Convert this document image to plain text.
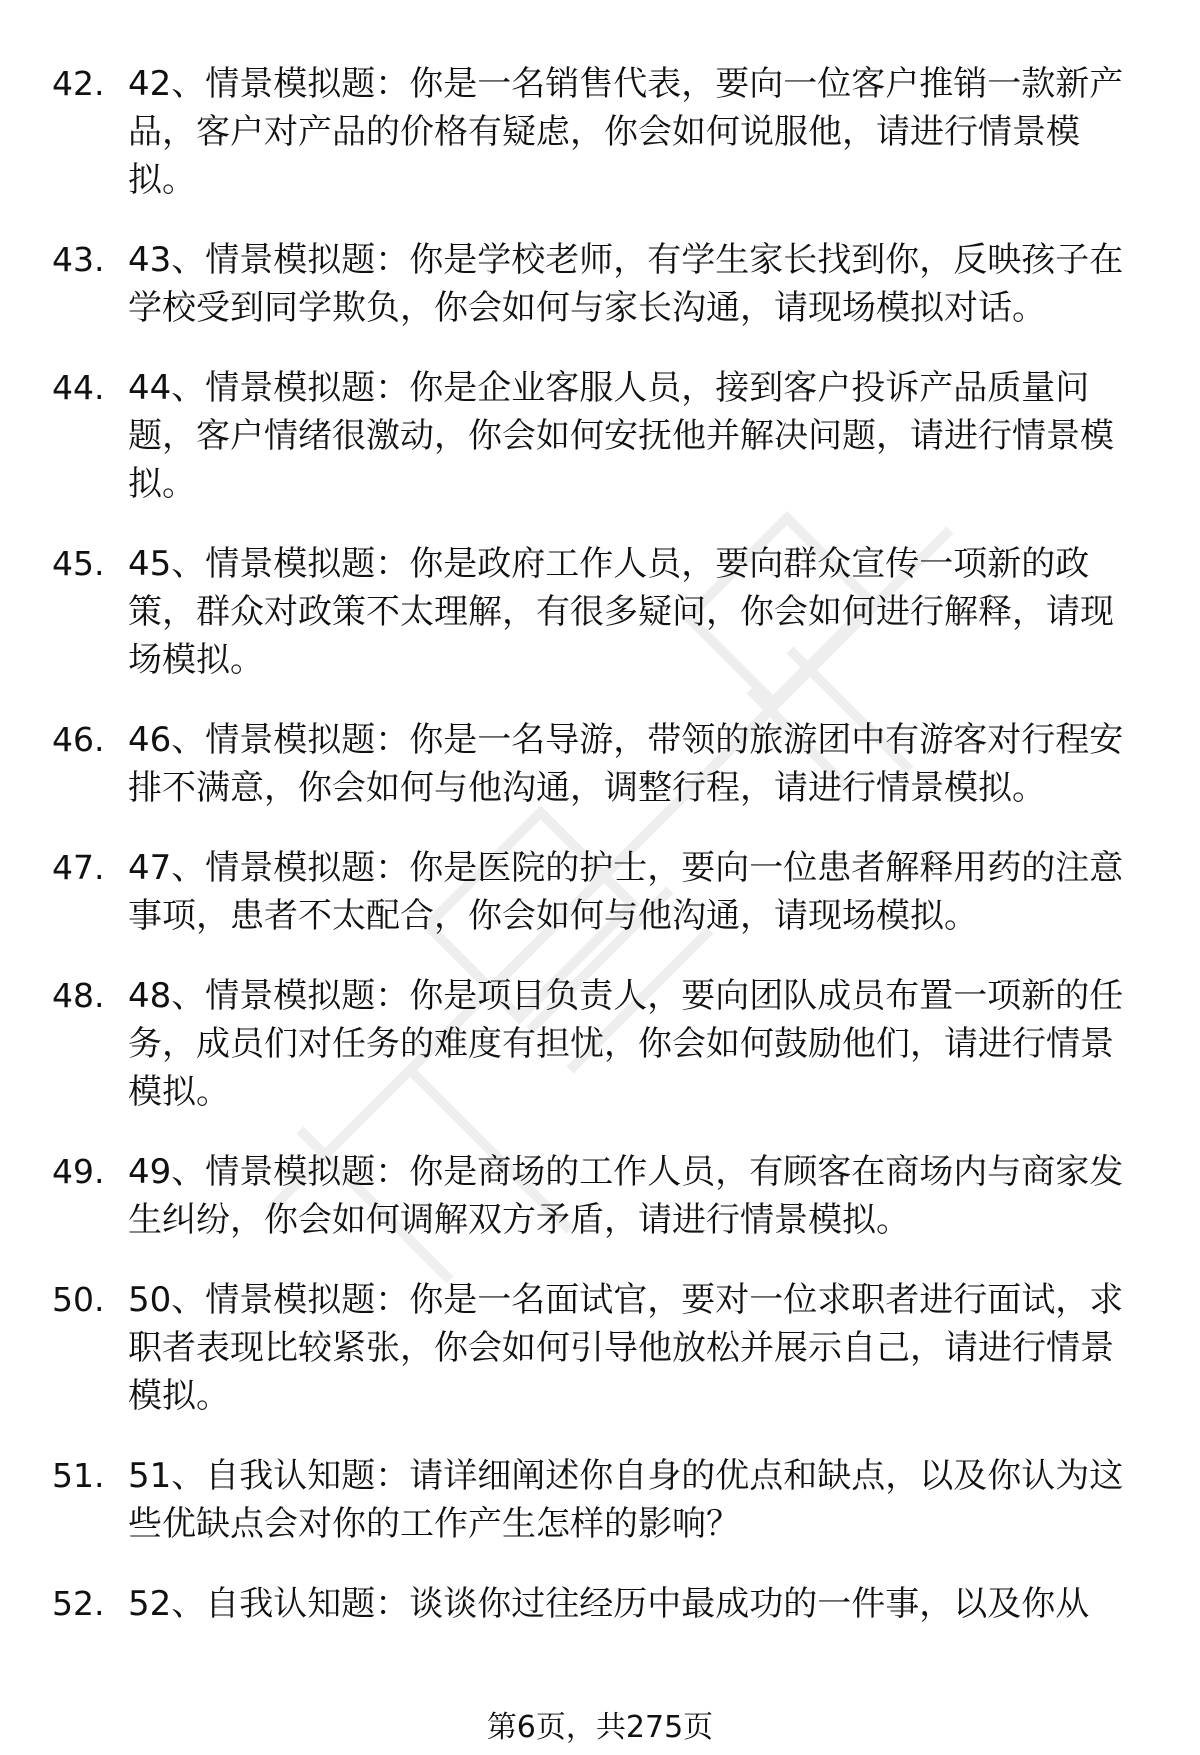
42. 42、情景模拟题：你是一名销售代表，要向一位客户推销一款新产品，客户对产品的价格有疑虑，你会如何说服他，请进行情景模拟。
43. 43、情景模拟题：你是学校老师，有学生家长找到你，反映孩子在学校受到同学欺负，你会如何与家长沟通，请现场模拟对话。
44. 44、情景模拟题：你是企业客服人员，接到客户投诉产品质量问题，客户情绪很激动，你会如何安抚他并解决问题，请进行情景模拟。
45. 45、情景模拟题：你是政府工作人员，要向群众宣传一项新的政策，群众对政策不太理解，有很多疑问，你会如何进行解释，请现场模拟。
46. 46、情景模拟题：你是一名导游，带领的旅游团中有游客对行程安排不满意，你会如何与他沟通，调整行程，请进行情景模拟。
47. 47、情景模拟题：你是医院的护士，要向一位患者解释用药的注意事项，患者不太配合，你会如何与他沟通，请现场模拟。
48. 48、情景模拟题：你是项目负责人，要向团队成员布置一项新的任务，成员们对任务的难度有担忧，你会如何鼓励他们，请进行情景模拟。
49. 49、情景模拟题：你是商场的工作人员，有顾客在商场内与商家发生纠纷，你会如何调解双方矛盾，请进行情景模拟。
50. 50、情景模拟题：你是一名面试官，要对一位求职者进行面试，求职者表现比较紧张，你会如何引导他放松并展示自己，请进行情景模拟。
51. 51、自我认知题：请详细阐述你自身的优点和缺点，以及你认为这些优缺点会对你的工作产生怎样的影响？
52. 52、自我认知题：谈谈你过往经历中最成功的一件事，以及你从
第6页，共275页
